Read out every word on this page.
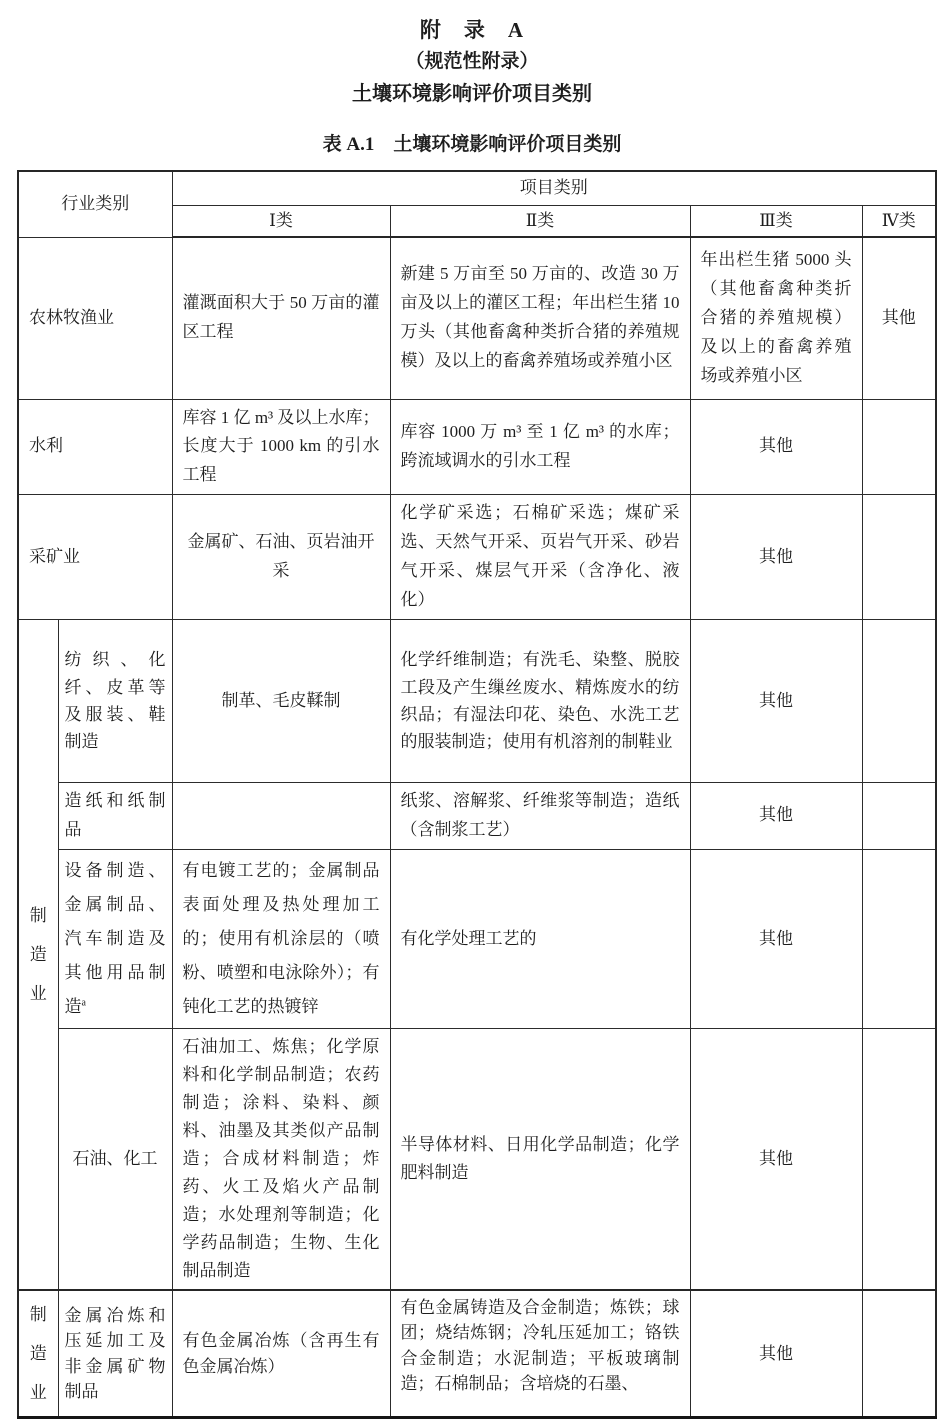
附　录　A
（规范性附录）
土壤环境影响评价项目类别
表 A.1　土壤环境影响评价项目类别
行业类别		项目类别			
		Ⅰ类	Ⅱ类	Ⅲ类	Ⅳ类
农林牧渔业		灌溉面积大于 50 万亩的灌区工程	新建 5 万亩至 50 万亩的、改造 30 万亩及以上的灌区工程；年出栏生猪 10 万头（其他畜禽种类折合猪的养殖规模）及以上的畜禽养殖场或养殖小区	年出栏生猪 5000 头（其他畜禽种类折合猪的养殖规模）及以上的畜禽养殖场或养殖小区	其他
水利		库容 1 亿 m³ 及以上水库；长度大于 1000 km 的引水工程	库容 1000 万 m³ 至 1 亿 m³ 的水库；跨流域调水的引水工程	其他	
采矿业		金属矿、石油、页岩油开采	化学矿采选；石棉矿采选；煤矿采选、天然气开采、页岩气开采、砂岩气开采、煤层气开采（含净化、液化）	其他	

制造业	纺织、化纤、皮革等及服装、鞋制造	制革、毛皮鞣制	化学纤维制造；有洗毛、染整、脱胶工段及产生缫丝废水、精炼废水的纺织品；有湿法印花、染色、水洗工艺的服装制造；使用有机溶剂的制鞋业	其他	
	造纸和纸制品		纸浆、溶解浆、纤维浆等制造；造纸（含制浆工艺）	其他	
	设备制造、金属制品、汽车制造及其他用品制造$^a$	有电镀工艺的；金属制品表面处理及热处理加工的；使用有机涂层的（喷粉、喷塑和电泳除外）；有钝化工艺的热镀锌	有化学处理工艺的	其他	
	石油、化工	石油加工、炼焦；化学原料和化学制品制造；农药制造；涂料、染料、颜料、油墨及其类似产品制造；合成材料制造；炸药、火工及焰火产品制造；水处理剂等制造；化学药品制造；生物、生化制品制造	半导体材料、日用化学品制造；化学肥料制造	其他	

制造业	金属冶炼和压延加工及非金属矿物制品	有色金属冶炼（含再生有色金属冶炼）	有色金属铸造及合金制造；炼铁；球团；烧结炼钢；冷轧压延加工；铬铁合金制造；水泥制造；平板玻璃制造；石棉制品；含培烧的石墨、	其他	
